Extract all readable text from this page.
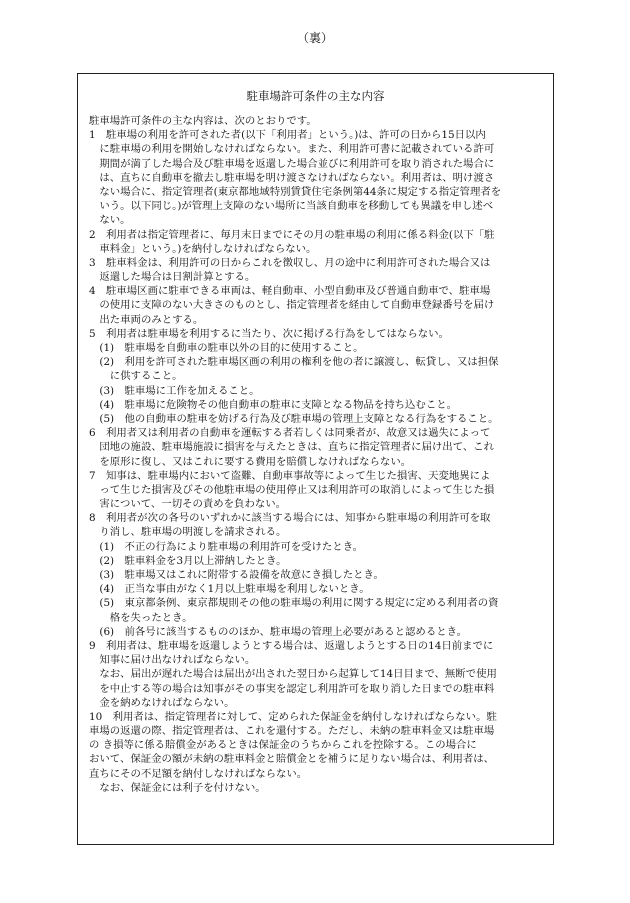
（裏）
駐車場許可条件の主な内容
駐車場許可条件の主な内容は、次のとおりです。
1　駐車場の利用を許可された者(以下「利用者」という。)は、許可の日から15日以内
　に駐車場の利用を開始しなければならない。また、利用許可書に記載されている許可
　期間が満了した場合及び駐車場を返還した場合並びに利用許可を取り消された場合に
　は、直ちに自動車を撤去し駐車場を明け渡さなければならない。利用者は、明け渡さ
　ない場合に、指定管理者(東京都地域特別賃貸住宅条例第44条に規定する指定管理者を
　いう。以下同じ。)が管理上支障のない場所に当該自動車を移動しても異議を申し述べ
　ない。
2　利用者は指定管理者に、毎月末日までにその月の駐車場の利用に係る料金(以下「駐
　車料金」という。)を納付しなければならない。
3　駐車料金は、利用許可の日からこれを徴収し、月の途中に利用許可された場合又は
　返還した場合は日割計算とする。
4　駐車場区画に駐車できる車両は、軽自動車、小型自動車及び普通自動車で、駐車場
　の使用に支障のない大きさのものとし、指定管理者を経由して自動車登録番号を届け
　出た車両のみとする。
5　利用者は駐車場を利用するに当たり、次に掲げる行為をしてはならない。
　(1)　駐車場を自動車の駐車以外の目的に使用すること。
　(2)　利用を許可された駐車場区画の利用の権利を他の者に譲渡し、転貸し、又は担保
　　に供すること。
　(3)　駐車場に工作を加えること。
　(4)　駐車場に危険物その他自動車の駐車に支障となる物品を持ち込むこと。
　(5)　他の自動車の駐車を妨げる行為及び駐車場の管理上支障となる行為をすること。
6　利用者又は利用者の自動車を運転する者若しくは同乗者が、故意又は過失によって
　団地の施設、駐車場施設に損害を与えたときは、直ちに指定管理者に届け出て、これ
　を原形に復し、又はこれに要する費用を賠償しなければならない。
7　知事は、駐車場内において盗難、自動車事故等によって生じた損害、天変地異によ
　って生じた損害及びその他駐車場の使用停止又は利用許可の取消しによって生じた損
　害について、一切その責めを負わない。
8　利用者が次の各号のいずれかに該当する場合には、知事から駐車場の利用許可を取
　り消し、駐車場の明渡しを請求される。
　(1)　不正の行為により駐車場の利用許可を受けたとき。
　(2)　駐車料金を3月以上滞納したとき。
　(3)　駐車場又はこれに附帯する設備を故意にき損したとき。
　(4)　正当な事由がなく1月以上駐車場を利用しないとき。
　(5)　東京都条例、東京都規則その他の駐車場の利用に関する規定に定める利用者の資
　　格を失ったとき。
　(6)　前各号に該当するもののほか、駐車場の管理上必要があると認めるとき。
9　利用者は、駐車場を返還しようとする場合は、返還しようとする日の14日前までに
　知事に届け出なければならない。
　なお、届出が遅れた場合は届出が出された翌日から起算して14日目まで、無断で使用
　を中止する等の場合は知事がその事実を認定し利用許可を取り消した日までの駐車料
　金を納めなければならない。
10　利用者は、指定管理者に対して、定められた保証金を納付しなければならない。駐
車場の返還の際、指定管理者は、これを還付する。ただし、未納の駐車料金又は駐車場
の き損等に係る賠償金があるときは保証金のうちからこれを控除する。この場合に
おいて、保証金の額が未納の駐車料金と賠償金とを補うに足りない場合は、利用者は、
直ちにその不足額を納付しなければならない。
　なお、保証金には利子を付けない。
